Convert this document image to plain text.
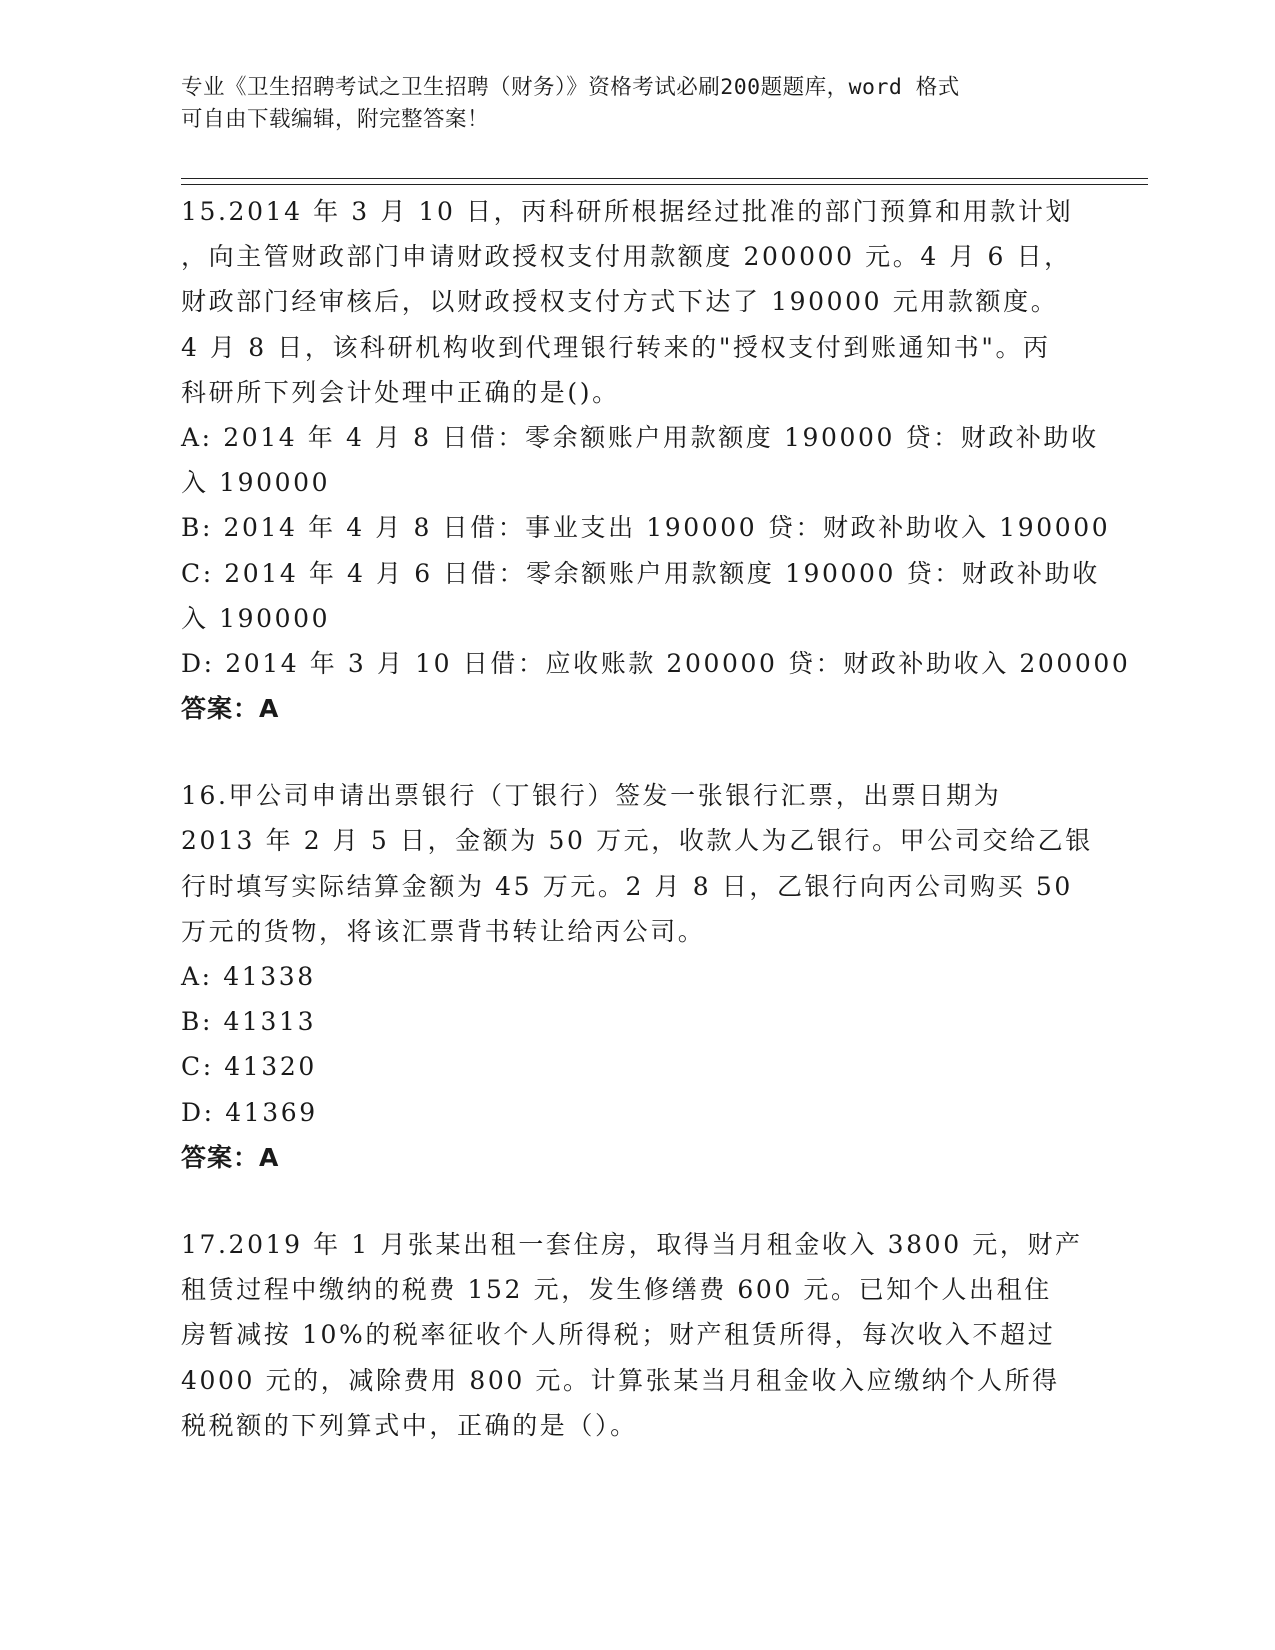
专业《卫生招聘考试之卫生招聘（财务）》资格考试必刷200题题库，word 格式
可自由下载编辑，附完整答案！
15.2014 年 3 月 10 日，丙科研所根据经过批准的部门预算和用款计划
，向主管财政部门申请财政授权支付用款额度 200000 元。4 月 6 日，
财政部门经审核后，以财政授权支付方式下达了 190000 元用款额度。
4 月 8 日，该科研机构收到代理银行转来的"授权支付到账通知书"。丙
科研所下列会计处理中正确的是()。
A: 2014 年 4 月 8 日借：零余额账户用款额度 190000 贷：财政补助收
入 190000
B: 2014 年 4 月 8 日借：事业支出 190000 贷：财政补助收入 190000
C: 2014 年 4 月 6 日借：零余额账户用款额度 190000 贷：财政补助收
入 190000
D: 2014 年 3 月 10 日借：应收账款 200000 贷：财政补助收入 200000
答案：A
16.甲公司申请出票银行（丁银行）签发一张银行汇票，出票日期为
2013 年 2 月 5 日，金额为 50 万元，收款人为乙银行。甲公司交给乙银
行时填写实际结算金额为 45 万元。2 月 8 日，乙银行向丙公司购买 50
万元的货物，将该汇票背书转让给丙公司。
A: 41338
B: 41313
C: 41320
D: 41369
答案：A
17.2019 年 1 月张某出租一套住房，取得当月租金收入 3800 元，财产
租赁过程中缴纳的税费 152 元，发生修缮费 600 元。已知个人出租住
房暂减按 10%的税率征收个人所得税；财产租赁所得，每次收入不超过
4000 元的，减除费用 800 元。计算张某当月租金收入应缴纳个人所得
税税额的下列算式中，正确的是（）。
